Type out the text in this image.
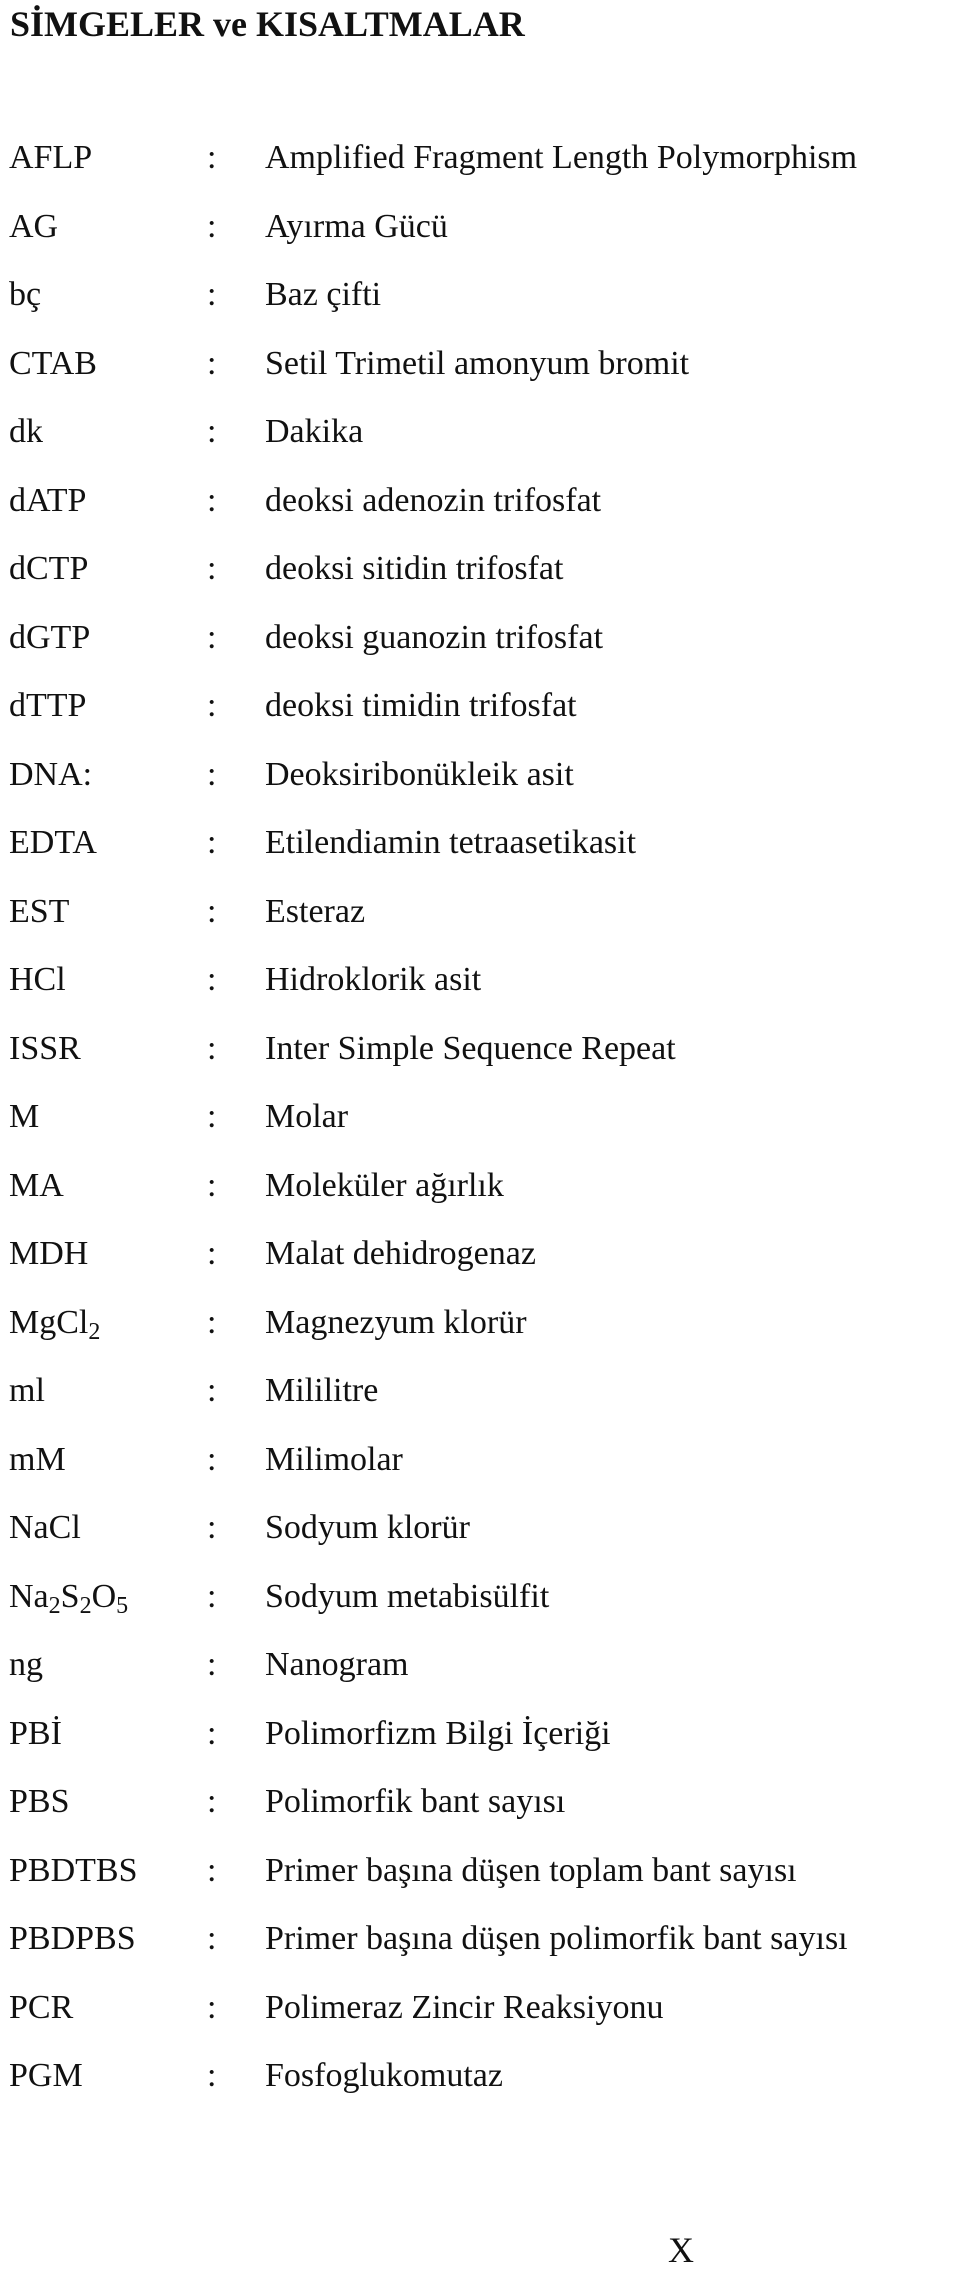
SİMGELER ve KISALTMALAR
AFLP	: Amplified Fragment Length Polymorphism
AG	: Ayırma Gücü
bç	: Baz çifti
CTAB	: Setil Trimetil amonyum bromit
dk	: Dakika
dATP	: deoksi adenozin trifosfat
dCTP	: deoksi sitidin trifosfat
dGTP	: deoksi guanozin trifosfat
dTTP	: deoksi timidin trifosfat
DNA:	: Deoksiribonükleik asit
EDTA	: Etilendiamin tetraasetikasit
EST	: Esteraz
HCl	: Hidroklorik asit
ISSR	: Inter Simple Sequence Repeat
M	: Molar
MA	: Moleküler ağırlık
MDH	: Malat dehidrogenaz
MgCl$_2$	: Magnezyum klorür
ml	: Mililitre
mM	: Milimolar
NaCl	: Sodyum klorür
$Na_2S_2O_5$ : Sodyum metabisülfit
ng	: Nanogram
PBİ	: Polimorfizm Bilgi İçeriği
PBS	: Polimorfik bant sayısı
PBDTBS : Primer başına düşen toplam bant sayısı
PBDPBS : Primer başına düşen polimorfik bant sayısı
PCR	: Polimeraz Zincir Reaksiyonu
PGM	: Fosfoglukomutaz
X
